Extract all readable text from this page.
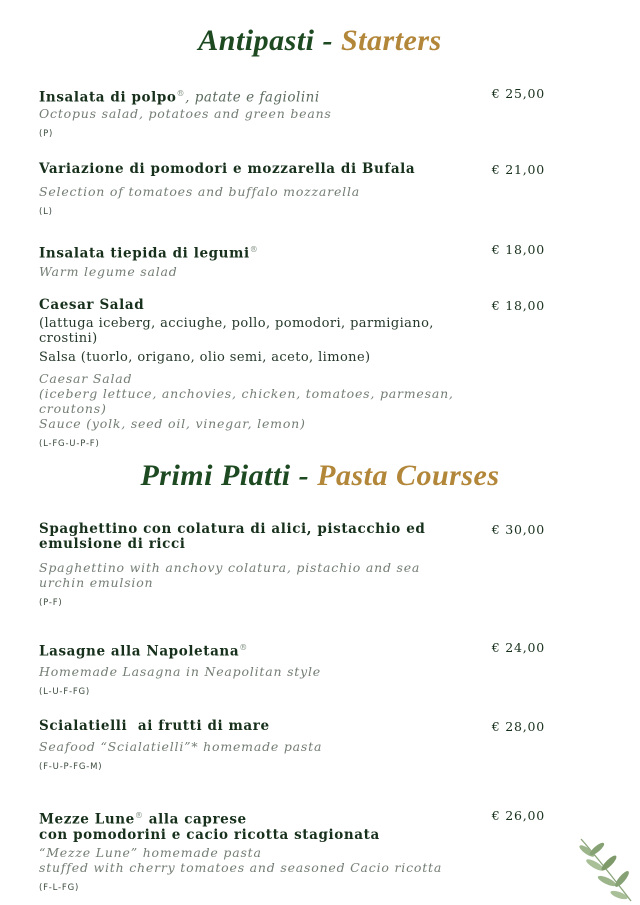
Antipasti - Starters
Insalata di polpo®, patate e fagiolini
Octopus salad, potatoes and green beans
(P)
€ 25,00
Variazione di pomodori e mozzarella di Bufala
Selection of tomatoes and buffalo mozzarella
(L)
€ 21,00
Insalata tiepida di legumi®
Warm legume salad
€ 18,00
Caesar Salad
(lattuga iceberg, acciughe, pollo, pomodori, parmigiano, crostini)
Salsa (tuorlo, origano, olio semi, aceto, limone)
Caesar Salad
(iceberg lettuce, anchovies, chicken, tomatoes, parmesan, croutons)
Sauce (yolk, seed oil, vinegar, lemon)
(L-FG-U-P-F)
€ 18,00
Primi Piatti - Pasta Courses
Spaghettino con colatura di alici, pistacchio ed emulsione di ricci
Spaghettino with anchovy colatura, pistachio and sea urchin emulsion
(P-F)
€ 30,00
Lasagne alla Napoletana®
Homemade Lasagna in Neapolitan style
(L-U-F-FG)
€ 24,00
Scialatielli  ai frutti di mare
Seafood “Scialatielli”* homemade pasta
(F-U-P-FG-M)
€ 28,00
Mezze Lune® alla caprese
con pomodorini e cacio ricotta stagionata
“Mezze Lune” homemade pasta
stuffed with cherry tomatoes and seasoned Cacio ricotta
(F-L-FG)
€ 26,00
